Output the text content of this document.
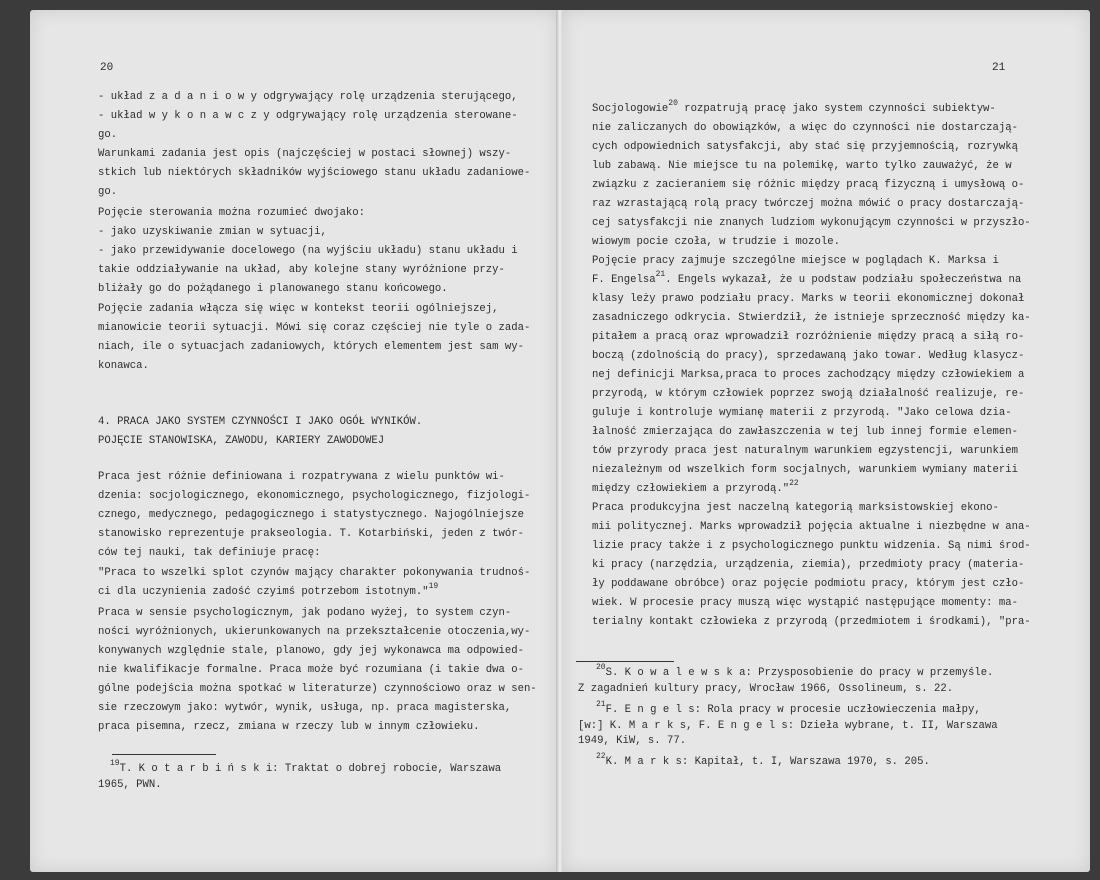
20
- układ z a d a n i o w y odgrywający rolę urządzenia sterującego,
- układ w y k o n a w c z y odgrywający rolę urządzenia sterowane-
go.
Warunkami zadania jest opis (najczęściej w postaci słownej) wszy-
stkich lub niektórych składników wyjściowego stanu układu zadaniowe-
go.
Pojęcie sterowania można rozumieć dwojako:
- jako uzyskiwanie zmian w sytuacji,
- jako przewidywanie docelowego (na wyjściu układu) stanu układu i
takie oddziaływanie na układ, aby kolejne stany wyróżnione przy-
bliżały go do pożądanego i planowanego stanu końcowego.
Pojęcie zadania włącza się więc w kontekst teorii ogólniejszej,
mianowicie teorii sytuacji. Mówi się coraz częściej nie tyle o zada-
niach, ile o sytuacjach zadaniowych, których elementem jest sam wy-
konawca.
4. PRACA JAKO SYSTEM CZYNNOŚCI I JAKO OGÓŁ WYNIKÓW.
POJĘCIE STANOWISKA, ZAWODU, KARIERY ZAWODOWEJ
Praca jest różnie definiowana i rozpatrywana z wielu punktów wi-
dzenia: socjologicznego, ekonomicznego, psychologicznego, fizjologi-
cznego, medycznego, pedagogicznego i statystycznego. Najogólniejsze
stanowisko reprezentuje prakseologia. T. Kotarbiński, jeden z twór-
ców tej nauki, tak definiuje pracę:
"Praca to wszelki splot czynów mający charakter pokonywania trudnoś-
ci dla uczynienia zadość czyimś potrzebom istotnym."$^{19}$
Praca w sensie psychologicznym, jak podano wyżej, to system czyn-
ności wyróżnionych, ukierunkowanych na przekształcenie otoczenia,wy-
konywanych względnie stale, planowo, gdy jej wykonawca ma odpowied-
nie kwalifikacje formalne. Praca może być rozumiana (i takie dwa o-
gólne podejścia można spotkać w literaturze) czynnościowo oraz w sen-
sie rzeczowym jako: wytwór, wynik, usługa, np. praca magisterska,
praca pisemna, rzecz, zmiana w rzeczy lub w innym człowieku.
$^{19}$T. K o t a r b i ń s k i: Traktat o dobrej robocie, Warszawa
1965, PWN.
21
Socjologowie$^{20}$ rozpatrują pracę jako system czynności subiektyw-
nie zaliczanych do obowiązków, a więc do czynności nie dostarczają-
cych odpowiednich satysfakcji, aby stać się przyjemnością, rozrywką
lub zabawą. Nie miejsce tu na polemikę, warto tylko zauważyć, że w
związku z zacieraniem się różnic między pracą fizyczną i umysłową o-
raz wzrastającą rolą pracy twórczej można mówić o pracy dostarczają-
cej satysfakcji nie znanych ludziom wykonującym czynności w przyszło-
wiowym pocie czoła, w trudzie i mozole.
Pojęcie pracy zajmuje szczególne miejsce w poglądach K. Marksa i
F. Engelsa$^{21}$. Engels wykazał, że u podstaw podziału społeczeństwa na
klasy leży prawo podziału pracy. Marks w teorii ekonomicznej dokonał
zasadniczego odkrycia. Stwierdził, że istnieje sprzeczność między ka-
pitałem a pracą oraz wprowadził rozróżnienie między pracą a siłą ro-
boczą (zdolnością do pracy), sprzedawaną jako towar. Według klasycz-
nej definicji Marksa,praca to proces zachodzący między człowiekiem a
przyrodą, w którym człowiek poprzez swoją działalność realizuje, re-
guluje i kontroluje wymianę materii z przyrodą. "Jako celowa dzia-
łalność zmierzająca do zawłaszczenia w tej lub innej formie elemen-
tów przyrody praca jest naturalnym warunkiem egzystencji, warunkiem
niezależnym od wszelkich form socjalnych, warunkiem wymiany materii
między człowiekiem a przyrodą."$^{22}$
Praca produkcyjna jest naczelną kategorią marksistowskiej ekono-
mii politycznej. Marks wprowadził pojęcia aktualne i niezbędne w ana-
lizie pracy także i z psychologicznego punktu widzenia. Są nimi środ-
ki pracy (narzędzia, urządzenia, ziemia), przedmioty pracy (materia-
ły poddawane obróbce) oraz pojęcie podmiotu pracy, którym jest czło-
wiek. W procesie pracy muszą więc wystąpić następujące momenty: ma-
terialny kontakt człowieka z przyrodą (przedmiotem i środkami), "pra-
$^{20}$S. K o w a l e w s k a: Przysposobienie do pracy w przemyśle.
Z zagadnień kultury pracy, Wrocław 1966, Ossolineum, s. 22.
$^{21}$F. E n g e l s: Rola pracy w procesie uczłowieczenia małpy,
[w:] K. M a r k s, F. E n g e l s: Dzieła wybrane, t. II, Warszawa
1949, KiW, s. 77.
$^{22}$K. M a r k s: Kapitał, t. I, Warszawa 1970, s. 205.
